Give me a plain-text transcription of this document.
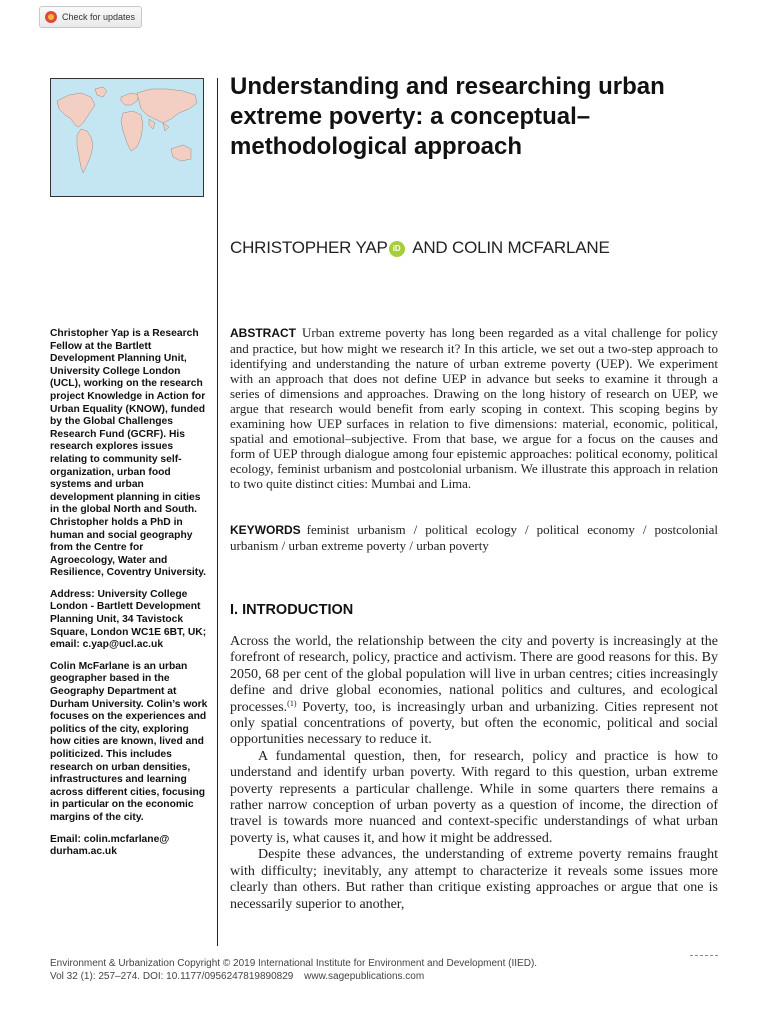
Check for updates
Understanding and researching urban extreme poverty: a conceptual–methodological approach
CHRISTOPHER YAP iD AND COLIN MCFARLANE

Christopher Yap is a Research Fellow at the Bartlett Development Planning Unit, University College London (UCL), working on the research project Knowledge in Action for Urban Equality (KNOW), funded by the Global Challenges Research Fund (GCRF). His research explores issues relating to community self-organization, urban food systems and urban development planning in cities in the global North and South. Christopher holds a PhD in human and social geography from the Centre for Agroecology, Water and Resilience, Coventry University.

Address: University College London - Bartlett Development Planning Unit, 34 Tavistock Square, London WC1E 6BT, UK; email: c.yap@ucl.ac.uk

Colin McFarlane is an urban geographer based in the Geography Department at Durham University. Colin’s work focuses on the experiences and politics of the city, exploring how cities are known, lived and politicized. This includes research on urban densities, infrastructures and learning across different cities, focusing in particular on the economic margins of the city.

Email: colin.mcfarlane@ durham.ac.uk

ABSTRACT Urban extreme poverty has long been regarded as a vital challenge for policy and practice, but how might we research it? In this article, we set out a two-step approach to identifying and understanding the nature of urban extreme poverty (UEP). We experiment with an approach that does not define UEP in advance but seeks to examine it through a series of dimensions and approaches. Drawing on the long history of research on UEP, we argue that research would benefit from early scoping in context. This scoping begins by examining how UEP surfaces in relation to five dimensions: material, economic, political, spatial and emotional–subjective. From that base, we argue for a focus on the causes and form of UEP through dialogue among four epistemic approaches: political economy, political ecology, feminist urbanism and postcolonial urbanism. We illustrate this approach in relation to two quite distinct cities: Mumbai and Lima.
KEYWORDS feminist urbanism / political ecology / political economy / postcolonial urbanism / urban extreme poverty / urban poverty
I. INTRODUCTION

Across the world, the relationship between the city and poverty is increasingly at the forefront of research, policy, practice and activism. There are good reasons for this. By 2050, 68 per cent of the global population will live in urban centres; cities increasingly define and drive global economies, national politics and cultures, and ecological processes.$^{(1)}$ Poverty, too, is increasingly urban and urbanizing. Cities represent not only spatial concentrations of poverty, but often the economic, political and social opportunities necessary to reduce it.

A fundamental question, then, for research, policy and practice is how to understand and identify urban poverty. With regard to this question, urban extreme poverty represents a particular challenge. While in some quarters there remains a rather narrow conception of urban poverty as a question of income, the direction of travel is towards more nuanced and context-specific understandings of what urban poverty is, what causes it, and how it might be addressed.

Despite these advances, the understanding of extreme poverty remains fraught with difficulty; inevitably, any attempt to characterize it reveals some issues more clearly than others. But rather than critique existing approaches or argue that one is necessarily superior to another,

Environment & Urbanization Copyright © 2019 International Institute for Environment and Development (IIED).
Vol 32 (1): 257–274. DOI: 10.1177/0956247819890829 www.sagepublications.com
